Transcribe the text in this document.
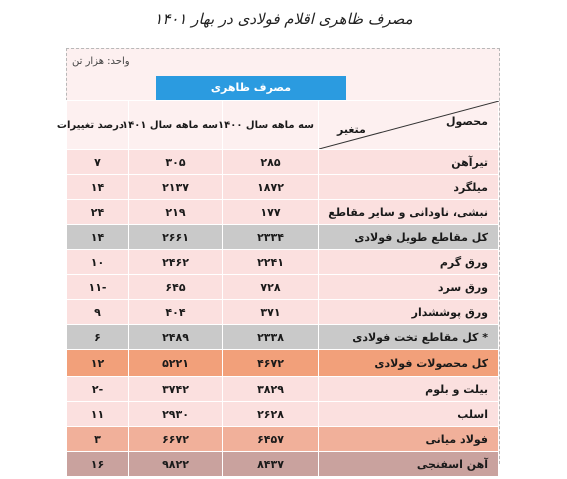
مصرف ظاهری اقلام فولادی در بهار ۱۴۰۱
واحد: هزار تن
مصرف ظاهری
محصول
متغیر	سه ماهه سال ۱۴۰۰	سه ماهه سال ۱۴۰۱	درصد تغییرات
تیرآهن	۲۸۵	۳۰۵	۷
میلگرد	۱۸۷۲	۲۱۳۷	۱۴
نبشی، ناودانی و سایر مقاطع	۱۷۷	۲۱۹	۲۴
کل مقاطع طویل فولادی	۲۳۳۴	۲۶۶۱	۱۴
ورق گرم	۲۲۴۱	۲۴۶۲	۱۰
ورق سرد	۷۲۸	۶۴۵	-۱۱
ورق پوششدار	۳۷۱	۴۰۴	۹
* کل مقاطع تخت فولادی	۲۳۳۸	۲۴۸۹	۶
کل محصولات فولادی	۴۶۷۲	۵۲۲۱	۱۲
بیلت و بلوم	۳۸۲۹	۳۷۴۲	-۲
اسلب	۲۶۲۸	۲۹۳۰	۱۱
فولاد میانی	۶۴۵۷	۶۶۷۲	۳
آهن اسفنجی	۸۴۳۷	۹۸۲۲	۱۶
